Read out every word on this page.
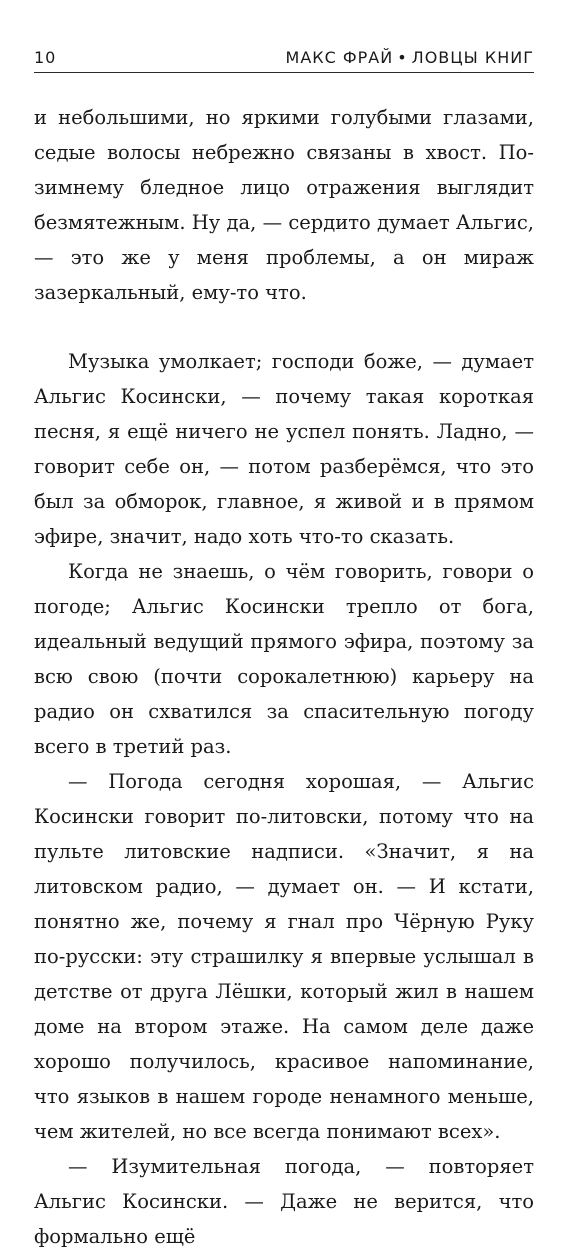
10	МАКС ФРАЙ • ЛОВЦЫ КНИГ

и небольшими, но яркими голубыми глазами, седые волосы небрежно связаны в хвост. По-зимнему бледное лицо отражения выглядит безмятежным. Ну да, — сердито думает Альгис, — это же у меня проблемы, а он мираж зазеркальный, ему-то что.

Музыка умолкает; господи боже, — думает Альгис Косински, — почему такая короткая песня, я ещё ничего не успел понять. Ладно, — говорит себе он, — потом разберёмся, что это был за обморок, главное, я живой и в прямом эфире, значит, надо хоть что-то сказать.

Когда не знаешь, о чём говорить, говори о погоде; Альгис Косински трепло от бога, идеальный ведущий прямого эфира, поэтому за всю свою (почти сорокалетнюю) карьеру на радио он схватился за спасительную погоду всего в третий раз.

— Погода сегодня хорошая, — Альгис Косински говорит по-литовски, потому что на пульте литовские надписи. «Значит, я на литовском радио, — думает он. — И кстати, понятно же, почему я гнал про Чёрную Руку по-русски: эту страшилку я впервые услышал в детстве от друга Лёшки, который жил в нашем доме на втором этаже. На самом деле даже хорошо получилось, красивое напоминание, что языков в нашем городе ненамного меньше, чем жителей, но все всегда понимают всех».

— Изумительная погода, — повторяет Альгис Косински. — Даже не верится, что формально ещё
